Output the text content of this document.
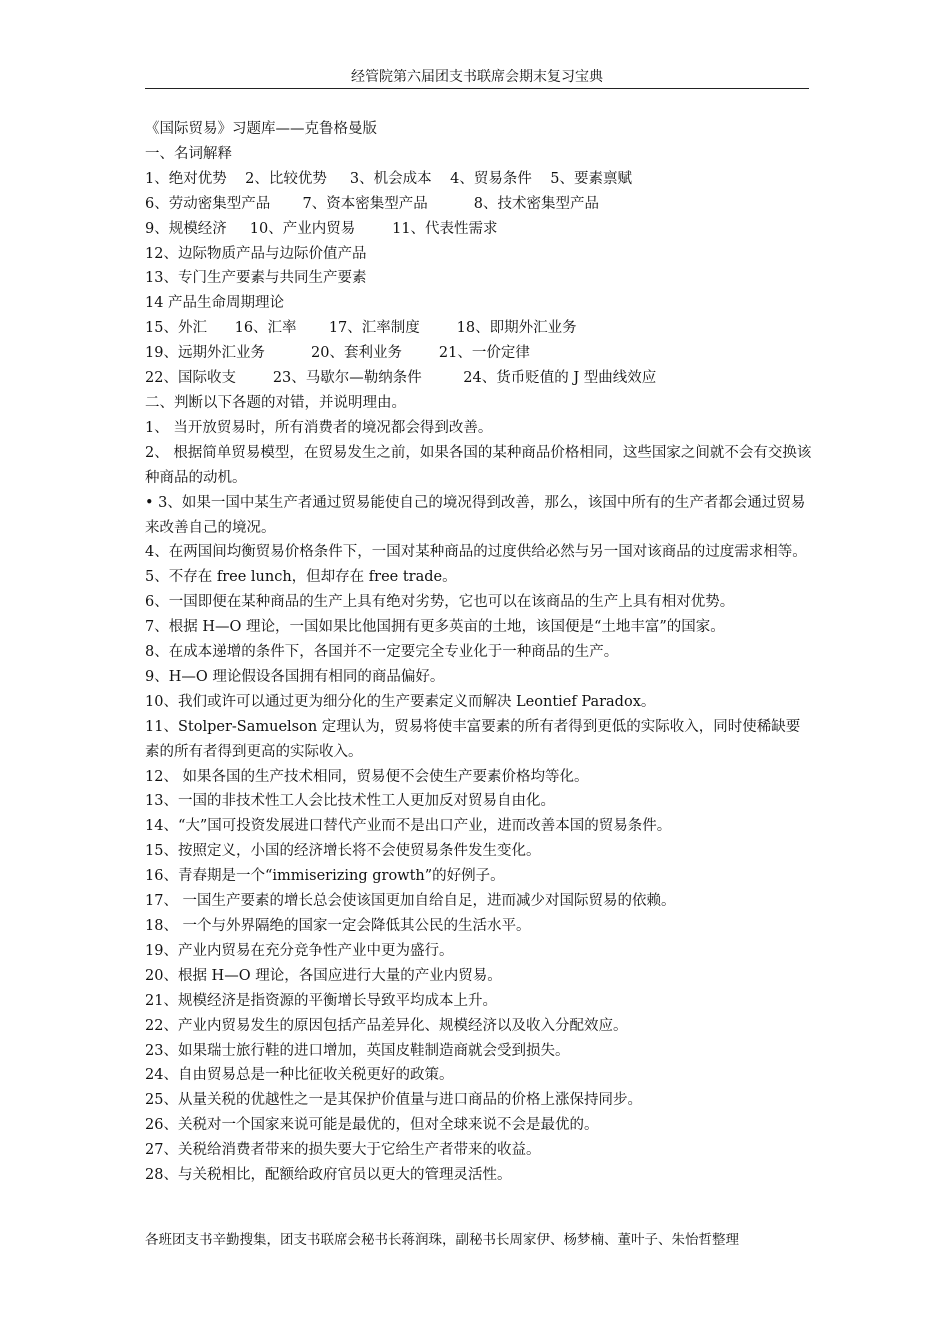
经管院第六届团支书联席会期末复习宝典
《国际贸易》习题库——克鲁格曼版
一、名词解释
1、绝对优势    2、比较优势     3、机会成本    4、贸易条件    5、要素禀赋
6、劳动密集型产品       7、资本密集型产品          8、技术密集型产品
9、规模经济     10、产业内贸易        11、代表性需求
12、边际物质产品与边际价值产品
13、专门生产要素与共同生产要素
14 产品生命周期理论
15、外汇      16、汇率       17、汇率制度        18、即期外汇业务
19、远期外汇业务          20、套利业务        21、一价定律
22、国际收支        23、马歇尔—勒纳条件         24、货币贬值的 J 型曲线效应
二、判断以下各题的对错，并说明理由。
1、 当开放贸易时，所有消费者的境况都会得到改善。
2、 根据简单贸易模型，在贸易发生之前，如果各国的某种商品价格相同，这些国家之间就不会有交换该种商品的动机。
• 3、如果一国中某生产者通过贸易能使自己的境况得到改善，那么，该国中所有的生产者都会通过贸易来改善自己的境况。
4、在两国间均衡贸易价格条件下，一国对某种商品的过度供给必然与另一国对该商品的过度需求相等。
5、不存在 free lunch，但却存在 free trade。
6、一国即便在某种商品的生产上具有绝对劣势，它也可以在该商品的生产上具有相对优势。
7、根据 H—O 理论，一国如果比他国拥有更多英亩的土地，该国便是“土地丰富”的国家。
8、在成本递增的条件下，各国并不一定要完全专业化于一种商品的生产。
9、H—O 理论假设各国拥有相同的商品偏好。
10、我们或许可以通过更为细分化的生产要素定义而解决 Leontief Paradox。
11、Stolper-Samuelson 定理认为，贸易将使丰富要素的所有者得到更低的实际收入，同时使稀缺要素的所有者得到更高的实际收入。
12、 如果各国的生产技术相同，贸易便不会使生产要素价格均等化。
13、一国的非技术性工人会比技术性工人更加反对贸易自由化。
14、“大”国可投资发展进口替代产业而不是出口产业，进而改善本国的贸易条件。
15、按照定义，小国的经济增长将不会使贸易条件发生变化。
16、青春期是一个“immiserizing growth”的好例子。
17、 一国生产要素的增长总会使该国更加自给自足，进而减少对国际贸易的依赖。
18、 一个与外界隔绝的国家一定会降低其公民的生活水平。
19、产业内贸易在充分竞争性产业中更为盛行。
20、根据 H—O 理论，各国应进行大量的产业内贸易。
21、规模经济是指资源的平衡增长导致平均成本上升。
22、产业内贸易发生的原因包括产品差异化、规模经济以及收入分配效应。
23、如果瑞士旅行鞋的进口增加，英国皮鞋制造商就会受到损失。
24、自由贸易总是一种比征收关税更好的政策。
25、从量关税的优越性之一是其保护价值量与进口商品的价格上涨保持同步。
26、关税对一个国家来说可能是最优的，但对全球来说不会是最优的。
27、关税给消费者带来的损失要大于它给生产者带来的收益。
28、与关税相比，配额给政府官员以更大的管理灵活性。
各班团支书辛勤搜集，团支书联席会秘书长蒋润珠，副秘书长周家伊、杨梦楠、董叶子、朱怡哲整理
